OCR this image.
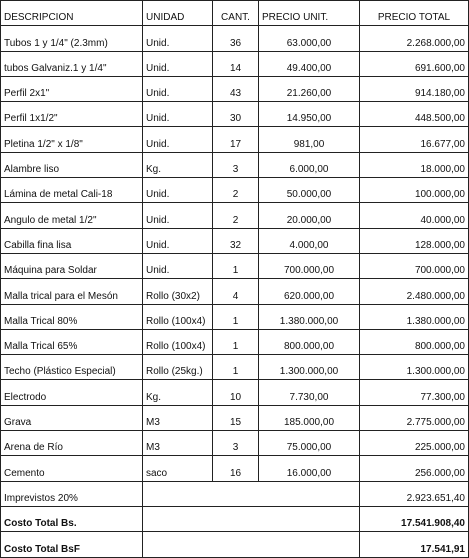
DESCRIPCION	UNIDAD	CANT.	PRECIO UNIT.	PRECIO TOTAL
Tubos 1 y 1/4" (2.3mm)	Unid.	36	63.000,00	2.268.000,00
tubos Galvaniz.1 y 1/4"	Unid.	14	49.400,00	691.600,00
Perfil 2x1"	Unid.	43	21.260,00	914.180,00
Perfil 1x1/2"	Unid.	30	14.950,00	448.500,00
Pletina 1/2" x 1/8"	Unid.	17	981,00	16.677,00
Alambre liso	Kg.	3	6.000,00	18.000,00
Lámina de metal Cali-18	Unid.	2	50.000,00	100.000,00
Angulo de metal 1/2"	Unid.	2	20.000,00	40.000,00
Cabilla fina lisa	Unid.	32	4.000,00	128.000,00
Máquina para Soldar	Unid.	1	700.000,00	700.000,00
Malla trical para el Mesón	Rollo (30x2)	4	620.000,00	2.480.000,00
Malla Trical 80%	Rollo (100x4)	1	1.380.000,00	1.380.000,00
Malla Trical 65%	Rollo (100x4)	1	800.000,00	800.000,00
Techo (Plástico Especial)	Rollo (25kg.)	1	1.300.000,00	1.300.000,00
Electrodo	Kg.	10	7.730,00	77.300,00
Grava	M3	15	185.000,00	2.775.000,00
Arena de Río	M3	3	75.000,00	225.000,00
Cemento	saco	16	16.000,00	256.000,00
Imprevistos 20%				2.923.651,40
Costo Total Bs.				17.541.908,40
Costo Total BsF				17.541,91
